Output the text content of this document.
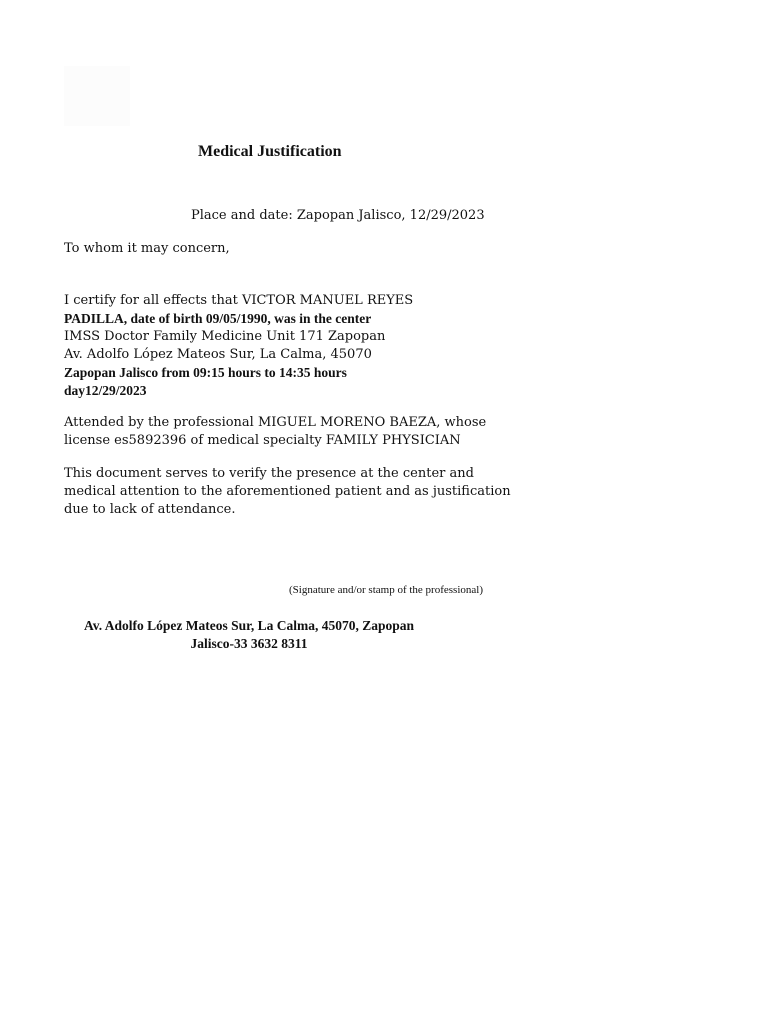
Medical Justification
Place and date: Zapopan Jalisco, 12/29/2023
To whom it may concern,
I certify for all effects that VICTOR MANUEL REYES
PADILLA, date of birth 09/05/1990, was in the center
IMSS Doctor Family Medicine Unit 171 Zapopan
Av. Adolfo López Mateos Sur, La Calma, 45070
Zapopan Jalisco from 09:15 hours to 14:35 hours
day12/29/2023
Attended by the professional MIGUEL MORENO BAEZA, whose
license es5892396 of medical specialty FAMILY PHYSICIAN
This document serves to verify the presence at the center and
medical attention to the aforementioned patient and as justification
due to lack of attendance.
(Signature and/or stamp of the professional)
Av. Adolfo López Mateos Sur, La Calma, 45070, Zapopan
Jalisco-33 3632 8311
